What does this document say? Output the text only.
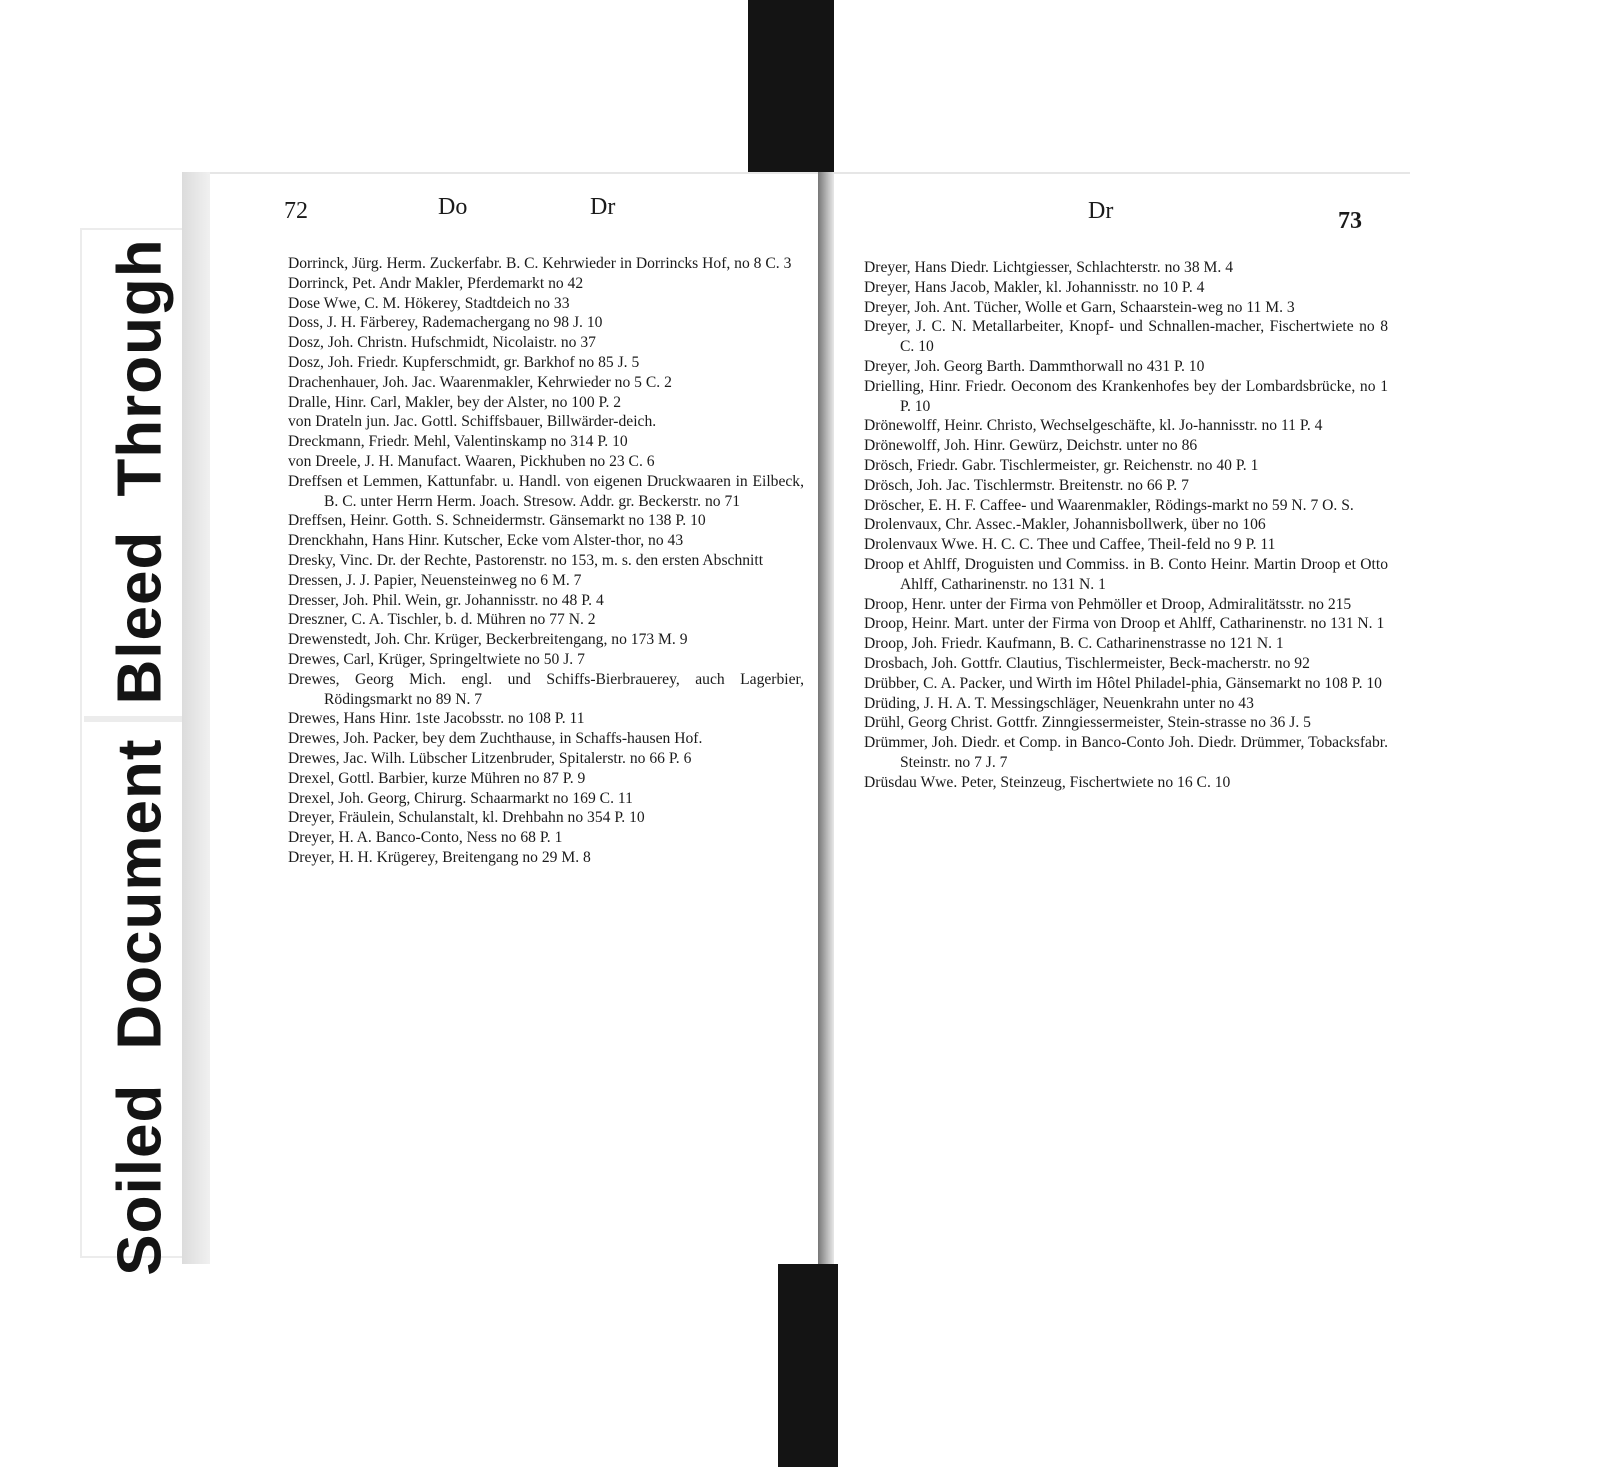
SoiledDocumentBleedThrough
72	Do	Dr
Dorrinck, Jürg. Herm. Zuckerfabr. B. C. Kehrwieder in Dorrincks Hof, no 8 C. 3
Dorrinck, Pet. Andr Makler, Pferdemarkt no 42
Dose Wwe, C. M. Hökerey, Stadtdeich no 33
Doss, J. H. Färberey, Rademachergang no 98 J. 10
Dosz, Joh. Christn. Hufschmidt, Nicolaistr. no 37
Dosz, Joh. Friedr. Kupferschmidt, gr. Barkhof no 85 J. 5
Drachenhauer, Joh. Jac. Waarenmakler, Kehrwieder no 5 C. 2
Dralle, Hinr. Carl, Makler, bey der Alster, no 100 P. 2
von Drateln jun. Jac. Gottl. Schiffsbauer, Billwärder-deich.
Dreckmann, Friedr. Mehl, Valentinskamp no 314 P. 10
von Dreele, J. H. Manufact. Waaren, Pickhuben no 23 C. 6
Dreffsen et Lemmen, Kattunfabr. u. Handl. von eigenen Druckwaaren in Eilbeck, B. C. unter Herrn Herm. Joach. Stresow. Addr. gr. Beckerstr. no 71
Dreffsen, Heinr. Gotth. S. Schneidermstr. Gänsemarkt no 138 P. 10
Drenckhahn, Hans Hinr. Kutscher, Ecke vom Alster-thor, no 43
Dresky, Vinc. Dr. der Rechte, Pastorenstr. no 153, m. s. den ersten Abschnitt
Dressen, J. J. Papier, Neuensteinweg no 6 M. 7
Dresser, Joh. Phil. Wein, gr. Johannisstr. no 48 P. 4
Dreszner, C. A. Tischler, b. d. Mühren no 77 N. 2
Drewenstedt, Joh. Chr. Krüger, Beckerbreitengang, no 173 M. 9
Drewes, Carl, Krüger, Springeltwiete no 50 J. 7
Drewes, Georg Mich. engl. und Schiffs-Bierbrauerey, auch Lagerbier, Rödingsmarkt no 89 N. 7
Drewes, Hans Hinr. 1ste Jacobsstr. no 108 P. 11
Drewes, Joh. Packer, bey dem Zuchthause, in Schaffs-hausen Hof.
Drewes, Jac. Wilh. Lübscher Litzenbruder, Spitalerstr. no 66 P. 6
Drexel, Gottl. Barbier, kurze Mühren no 87 P. 9
Drexel, Joh. Georg, Chirurg. Schaarmarkt no 169 C. 11
Dreyer, Fräulein, Schulanstalt, kl. Drehbahn no 354 P. 10
Dreyer, H. A. Banco-Conto, Ness no 68 P. 1
Dreyer, H. H. Krügerey, Breitengang no 29 M. 8
Dr	73
Dreyer, Hans Diedr. Lichtgiesser, Schlachterstr. no 38 M. 4
Dreyer, Hans Jacob, Makler, kl. Johannisstr. no 10 P. 4
Dreyer, Joh. Ant. Tücher, Wolle et Garn, Schaarstein-weg no 11 M. 3
Dreyer, J. C. N. Metallarbeiter, Knopf- und Schnallen-macher, Fischertwiete no 8 C. 10
Dreyer, Joh. Georg Barth. Dammthorwall no 431 P. 10
Drielling, Hinr. Friedr. Oeconom des Krankenhofes bey der Lombardsbrücke, no 1 P. 10
Drönewolff, Heinr. Christo, Wechselgeschäfte, kl. Jo-hannisstr. no 11 P. 4
Drönewolff, Joh. Hinr. Gewürz, Deichstr. unter no 86
Drösch, Friedr. Gabr. Tischlermeister, gr. Reichenstr. no 40 P. 1
Drösch, Joh. Jac. Tischlermstr. Breitenstr. no 66 P. 7
Dröscher, E. H. F. Caffee- und Waarenmakler, Rödings-markt no 59 N. 7 O. S.
Drolenvaux, Chr. Assec.-Makler, Johannisbollwerk, über no 106
Drolenvaux Wwe. H. C. C. Thee und Caffee, Theil-feld no 9 P. 11
Droop et Ahlff, Droguisten und Commiss. in B. Conto Heinr. Martin Droop et Otto Ahlff, Catharinenstr. no 131 N. 1
Droop, Henr. unter der Firma von Pehmöller et Droop, Admiralitätsstr. no 215
Droop, Heinr. Mart. unter der Firma von Droop et Ahlff, Catharinenstr. no 131 N. 1
Droop, Joh. Friedr. Kaufmann, B. C. Catharinenstrasse no 121 N. 1
Drosbach, Joh. Gottfr. Clautius, Tischlermeister, Beck-macherstr. no 92
Drübber, C. A. Packer, und Wirth im Hôtel Philadel-phia, Gänsemarkt no 108 P. 10
Drüding, J. H. A. T. Messingschläger, Neuenkrahn unter no 43
Drühl, Georg Christ. Gottfr. Zinngiessermeister, Stein-strasse no 36 J. 5
Drümmer, Joh. Diedr. et Comp. in Banco-Conto Joh. Diedr. Drümmer, Tobacksfabr. Steinstr. no 7 J. 7
Drüsdau Wwe. Peter, Steinzeug, Fischertwiete no 16 C. 10
